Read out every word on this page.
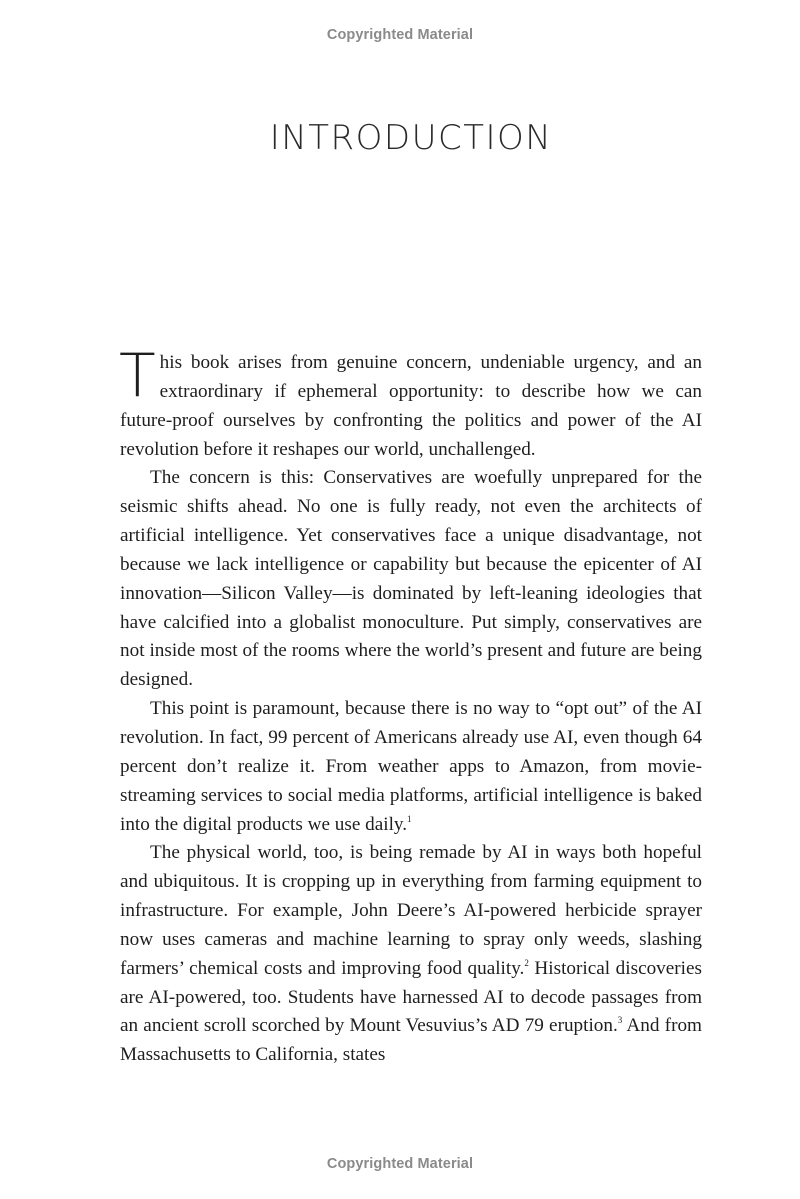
Copyrighted Material
INTRODUCTION

This book arises from genuine concern, undeniable urgency, and an extraordinary if ephemeral opportunity: to describe how we can future-proof ourselves by confronting the politics and power of the AI revolution before it reshapes our world, unchallenged.

The concern is this: Conservatives are woefully unprepared for the seismic shifts ahead. No one is fully ready, not even the architects of artificial intelligence. Yet conservatives face a unique disadvantage, not because we lack intelligence or capability but because the epicenter of AI innovation—Silicon Valley—is dominated by left-leaning ideologies that have calcified into a globalist monoculture. Put simply, conservatives are not inside most of the rooms where the world’s present and future are being designed.

This point is paramount, because there is no way to “opt out” of the AI revolution. In fact, 99 percent of Americans already use AI, even though 64 percent don’t realize it. From weather apps to Amazon, from movie-streaming services to social media platforms, artificial intelligence is baked into the digital products we use daily.$^1$

The physical world, too, is being remade by AI in ways both hopeful and ubiquitous. It is cropping up in everything from farming equipment to infrastructure. For example, John Deere’s AI-powered herbicide sprayer now uses cameras and machine learning to spray only weeds, slashing farmers’ chemical costs and improving food quality.$^2$ Historical discoveries are AI-powered, too. Students have harnessed AI to decode passages from an ancient scroll scorched by Mount Vesuvius’s AD 79 eruption.$^3$ And from Massachusetts to California, states

Copyrighted Material
